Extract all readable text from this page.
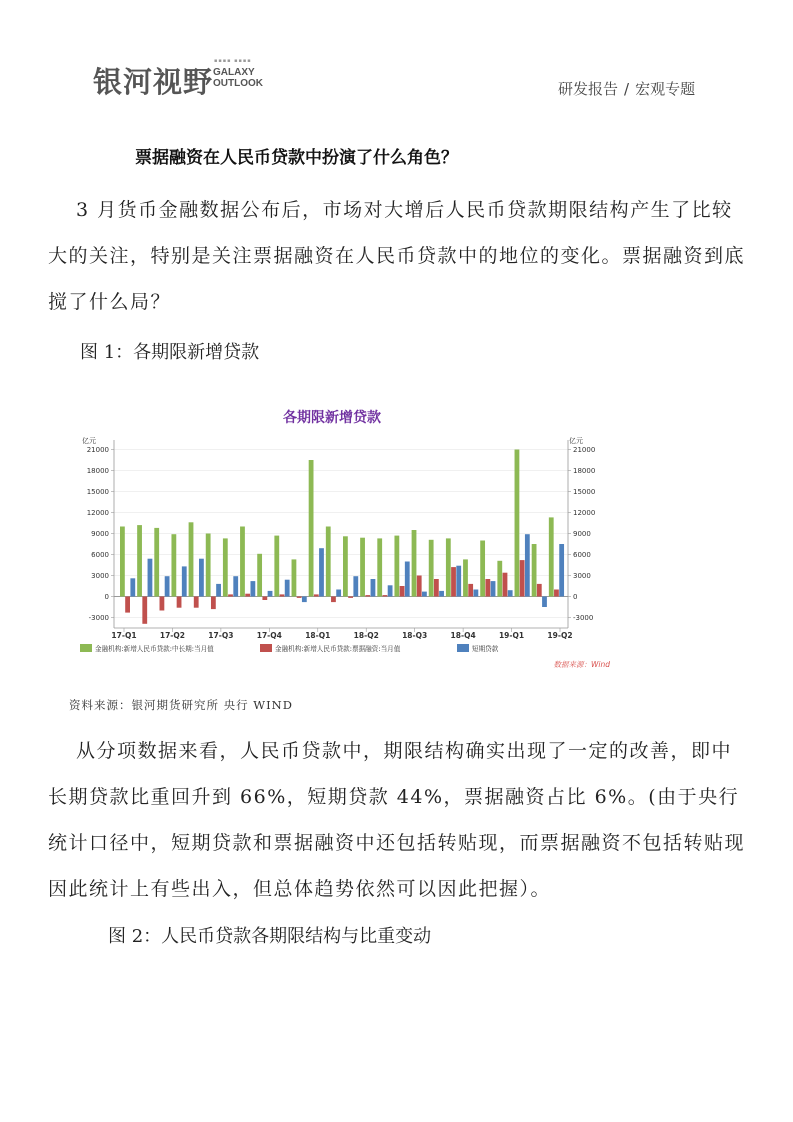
银河视野
▪▪▪▪ ▪▪▪▪
GALAXY
OUTLOOK	研发报告 / 宏观专题
票据融资在人民币贷款中扮演了什么角色？
3 月货币金融数据公布后，市场对大增后人民币贷款期限结构产生了比较大的关注，特别是关注票据融资在人民币贷款中的地位的变化。票据融资到底搅了什么局？
图 1：各期限新增贷款
各期限新增贷款
亿元	亿元
21000	21000
18000	18000
15000	15000
12000	12000
9000	9000
6000	6000
3000	3000
0	0
-3000	-3000
17-Q1	17-Q2	17-Q3	17-Q4	18-Q1	18-Q2	18-Q3	18-Q4	19-Q1	19-Q2
金融机构:新增人民币贷款:中长期:当月值	金融机构:新增人民币贷款:票据融资:当月值	短期贷款
数据来源：Wind
资料来源：银河期货研究所 央行 WIND
从分项数据来看，人民币贷款中，期限结构确实出现了一定的改善，即中长期贷款比重回升到 66%，短期贷款 44%，票据融资占比 6%。(由于央行统计口径中，短期贷款和票据融资中还包括转贴现，而票据融资不包括转贴现因此统计上有些出入，但总体趋势依然可以因此把握）。
图 2：人民币贷款各期限结构与比重变动
